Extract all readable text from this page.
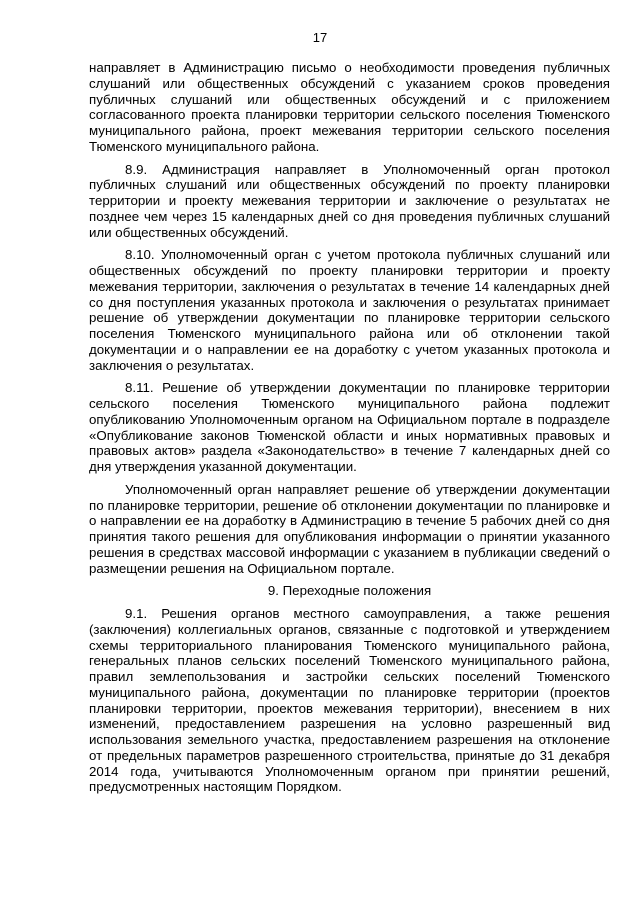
17

направляет в Администрацию письмо о необходимости проведения публичных слушаний или общественных обсуждений с указанием сроков проведения публичных слушаний или общественных обсуждений и с приложением согласованного проекта планировки территории сельского поселения Тюменского муниципального района, проект межевания территории сельского поселения Тюменского муниципального района.

8.9. Администрация направляет в Уполномоченный орган протокол публичных слушаний или общественных обсуждений по проекту планировки территории и проекту межевания территории и заключение о результатах не позднее чем через 15 календарных дней со дня проведения публичных слушаний или общественных обсуждений.

8.10. Уполномоченный орган с учетом протокола публичных слушаний или общественных обсуждений по проекту планировки территории и проекту межевания территории, заключения о результатах в течение 14 календарных дней со дня поступления указанных протокола и заключения о результатах принимает решение об утверждении документации по планировке территории сельского поселения Тюменского муниципального района или об отклонении такой документации и о направлении ее на доработку с учетом указанных протокола и заключения о результатах.

8.11. Решение об утверждении документации по планировке территории сельского поселения Тюменского муниципального района подлежит опубликованию Уполномоченным органом на Официальном портале в подразделе «Опубликование законов Тюменской области и иных нормативных правовых и правовых актов» раздела «Законодательство» в течение 7 календарных дней со дня утверждения указанной документации.

Уполномоченный орган направляет решение об утверждении документации по планировке территории, решение об отклонении документации по планировке и о направлении ее на доработку в Администрацию в течение 5 рабочих дней со дня принятия такого решения для опубликования информации о принятии указанного решения в средствах массовой информации с указанием в публикации сведений о размещении решения на Официальном портале.

9. Переходные положения

9.1. Решения органов местного самоуправления, а также решения (заключения) коллегиальных органов, связанные с подготовкой и утверждением схемы территориального планирования Тюменского муниципального района, генеральных планов сельских поселений Тюменского муниципального района, правил землепользования и застройки сельских поселений Тюменского муниципального района, документации по планировке территории (проектов планировки территории, проектов межевания территории), внесением в них изменений, предоставлением разрешения на условно разрешенный вид использования земельного участка, предоставлением разрешения на отклонение от предельных параметров разрешенного строительства, принятые до 31 декабря 2014 года, учитываются Уполномоченным органом при принятии решений, предусмотренных настоящим Порядком.
